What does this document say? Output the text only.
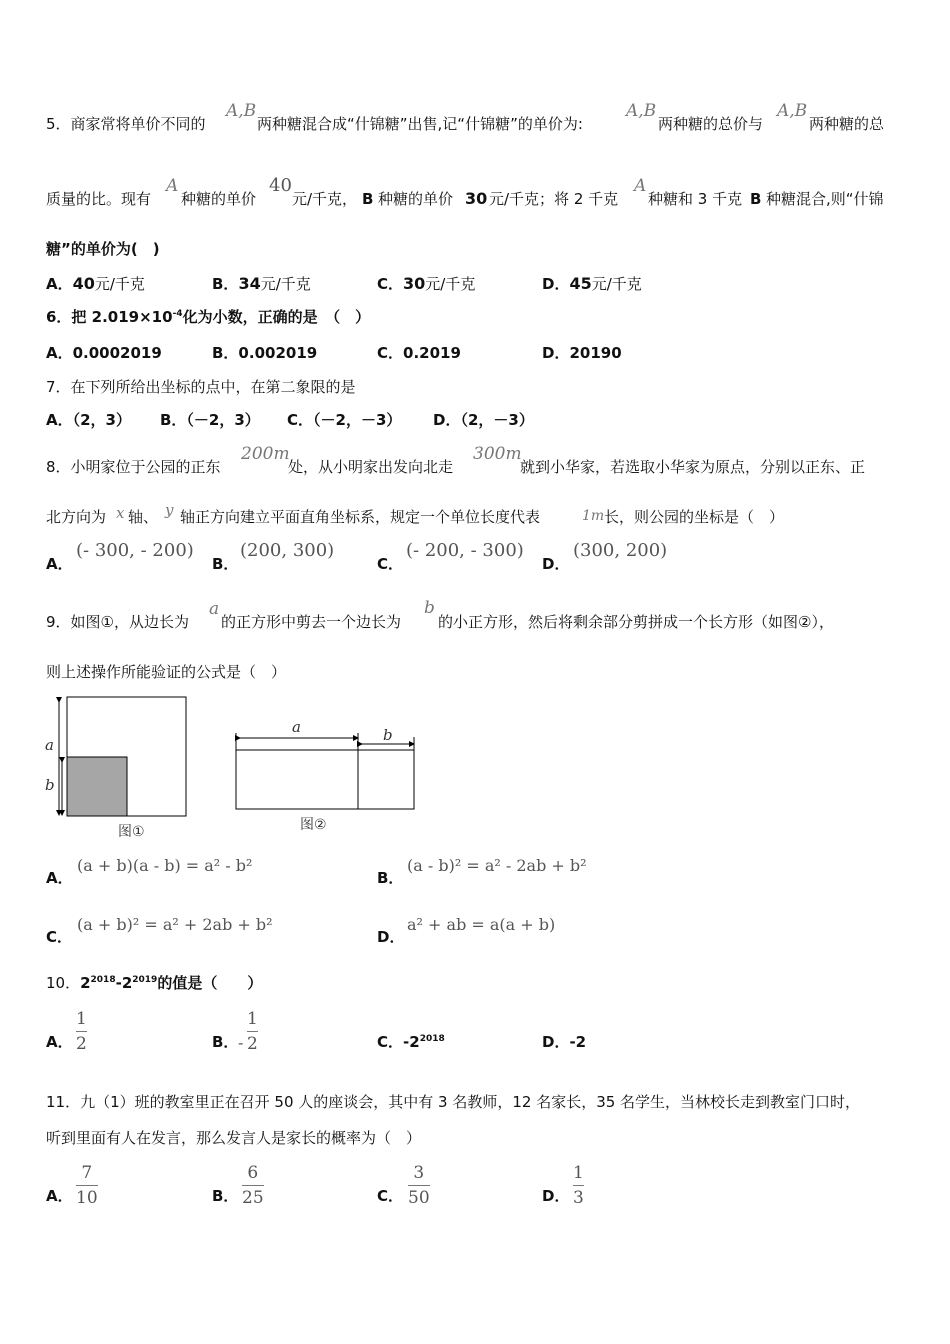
5．商家常将单价不同的
A,B
两种糖混合成“什锦糖”出售,记“什锦糖”的单价为:
A,B
两种糖的总价与
A,B
两种糖的总
质量的比。现有
A
种糖的单价
40
元/千克， B 种糖的单价 30 元/千克；将 2 千克
A
种糖和 3 千克 B 种糖混合,则“什锦
糖”的单价为(　)
A．40元/千克	B．34元/千克	C．30元/千克	D．45元/千克
6．把 $2.019\times 10^{-4}$化为小数，正确的是　（　）
A．0.0002019	B．0.002019	C．0.2019	D．20190
7．在下列所给出坐标的点中，在第二象限的是
A．（2，3） B．（－2，3） C．（－2，－3） D．（2，－3）
8．小明家位于公园的正东
200m
处，从小明家出发向北走
300m
就到小华家，若选取小华家为原点，分别以正东、正
北方向为 x 轴、 y 轴正方向建立平面直角坐标系，规定一个单位长度代表	1m 长，则公园的坐标是（　）
A．
(- 300, - 200)
B．
(200, 300)
C．
(- 200, - 300)
D．
(300, 200)
9．如图①，从边长为
a
的正方形中剪去一个边长为
b
的小正方形，然后将剩余部分剪拼成一个长方形（如图②），
则上述操作所能验证的公式是（　）
a
b
图①
a	b
图②
A．
(a + b)(a - b) = a² - b²
B．
(a - b)² = a² - 2ab + b²
C．
(a + b)² = a² + 2ab + b²
D．
a² + ab = a(a + b)
10．$2^{2018}-2^{2019}$的值是（　　）
A．
1
2	B． -
1
2	C．$-2^{2018}$	D．-2
11．九（1）班的教室里正在召开 50 人的座谈会，其中有 3 名教师，12 名家长，35 名学生，当林校长走到教室门口时，
听到里面有人在发言，那么发言人是家长的概率为（　）
A．
7
10	B．
6
25	C．
3
50	D．
1
3
